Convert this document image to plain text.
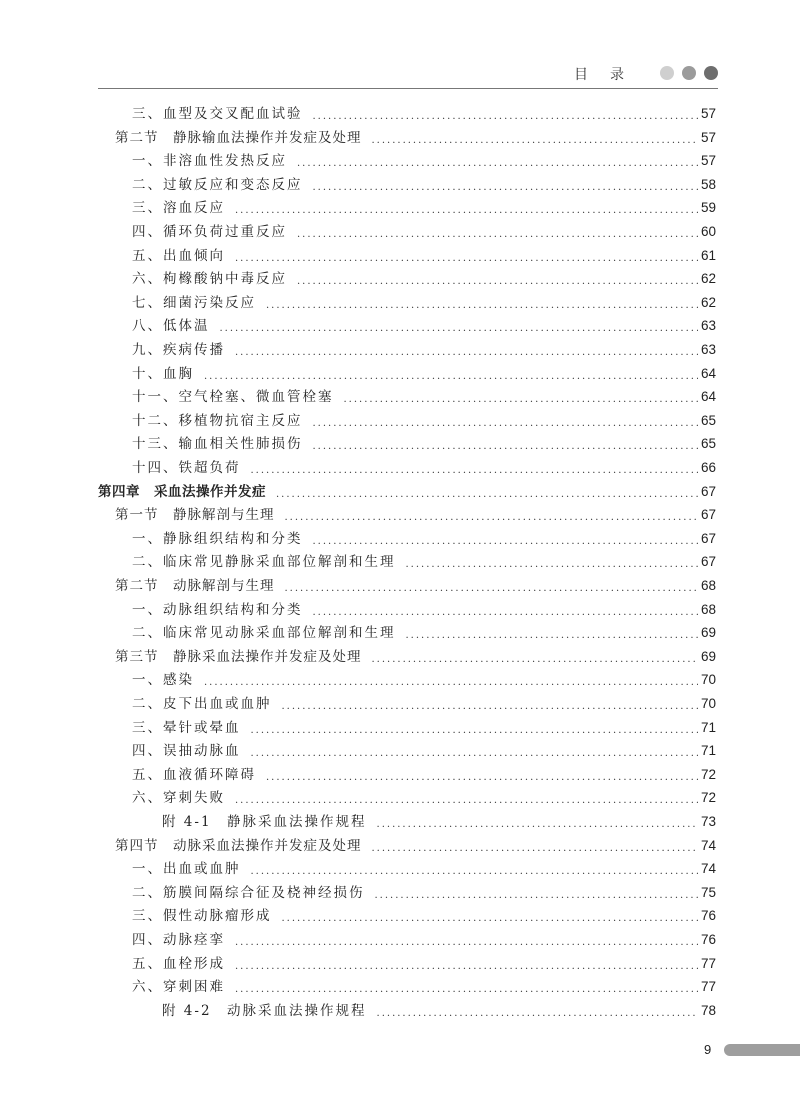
目录
三、血型及交叉配血试验 .....	57
第二节　静脉输血法操作并发症及处理 .....	57
一、非溶血性发热反应 .....	57
二、过敏反应和变态反应 .....	58
三、溶血反应 .....	59
四、循环负荷过重反应 .....	60
五、出血倾向 .....	61
六、枸橼酸钠中毒反应 .....	62
七、细菌污染反应 .....	62
八、低体温 .....	63
九、疾病传播 .....	63
十、血胸 .....	64
十一、空气栓塞、微血管栓塞 .....	64
十二、移植物抗宿主反应 .....	65
十三、输血相关性肺损伤 .....	65
十四、铁超负荷 .....	66
第四章　采血法操作并发症 .....	67
第一节　静脉解剖与生理 .....	67
一、静脉组织结构和分类 .....	67
二、临床常见静脉采血部位解剖和生理 .....	67
第二节　动脉解剖与生理 .....	68
一、动脉组织结构和分类 .....	68
二、临床常见动脉采血部位解剖和生理 .....	69
第三节　静脉采血法操作并发症及处理 .....	69
一、感染 .....	70
二、皮下出血或血肿 .....	70
三、晕针或晕血 .....	71
四、误抽动脉血 .....	71
五、血液循环障碍 .....	72
六、穿刺失败 .....	72
附 4-1　静脉采血法操作规程 .....	73
第四节　动脉采血法操作并发症及处理 .....	74
一、出血或血肿 .....	74
二、筋膜间隔综合征及桡神经损伤 .....	75
三、假性动脉瘤形成 .....	76
四、动脉痉挛 .....	76
五、血栓形成 .....	77
六、穿刺困难 .....	77
附 4-2　动脉采血法操作规程 .....	78
9
